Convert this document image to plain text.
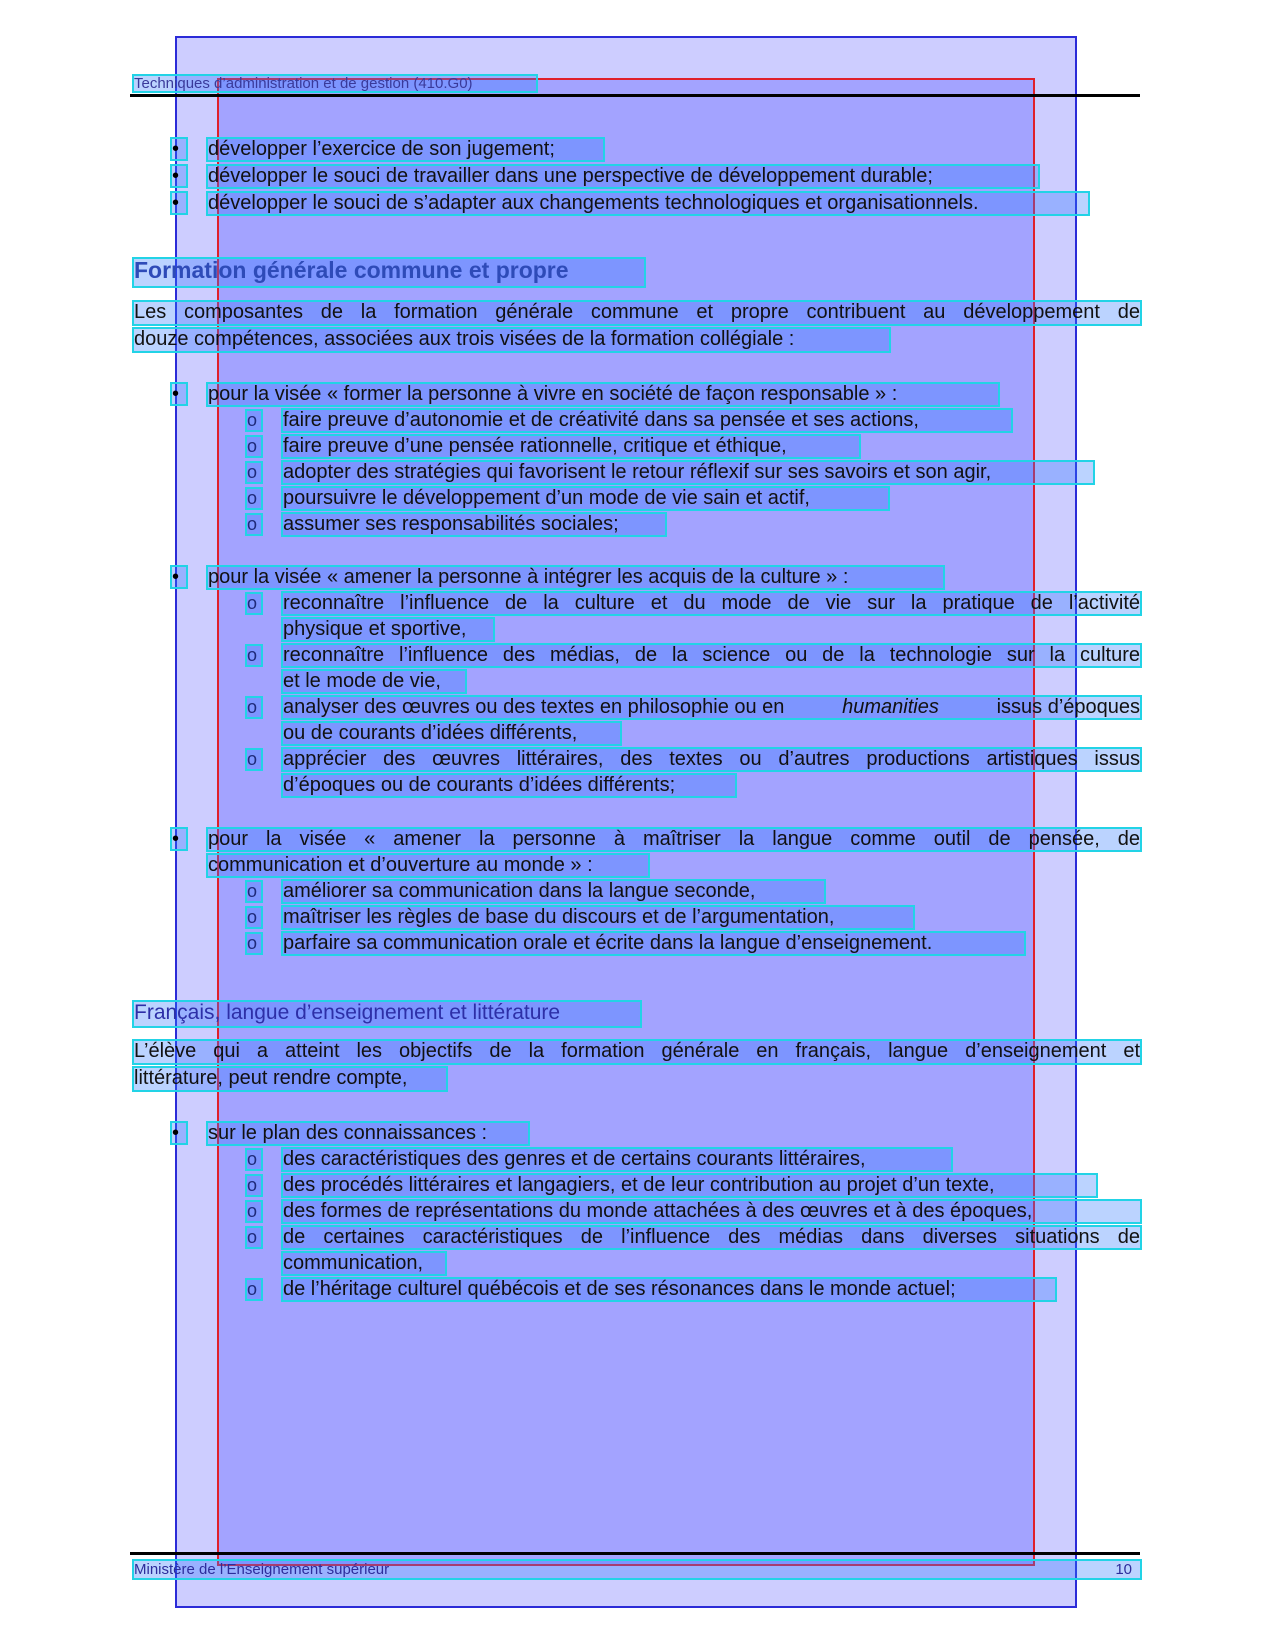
Techniques d’administration et de gestion (410.G0)
•	développer l’exercice de son jugement;
•	développer le souci de travailler dans une perspective de développement durable;
•	développer le souci de s’adapter aux changements technologiques et organisationnels.
Formation générale commune et propre
Les composantes de la formation générale commune et propre contribuent au développement de
douze compétences, associées aux trois visées de la formation collégiale :
•	pour la visée « former la personne à vivre en société de façon responsable » :
o faire preuve d’autonomie et de créativité dans sa pensée et ses actions,
o faire preuve d’une pensée rationnelle, critique et éthique,
o adopter des stratégies qui favorisent le retour réflexif sur ses savoirs et son agir,
o poursuivre le développement d’un mode de vie sain et actif,
o assumer ses responsabilités sociales;
•	pour la visée « amener la personne à intégrer les acquis de la culture » :
o reconnaître l’influence de la culture et du mode de vie sur la pratique de l’activité
physique et sportive,
o reconnaître l’influence des médias, de la science ou de la technologie sur la culture
et le mode de vie,
o analyser des œuvres ou des textes en philosophie ou en	humanities	issus d’époques
ou de courants d’idées différents,
o apprécier des œuvres littéraires, des textes ou d’autres productions artistiques issus
d’époques ou de courants d’idées différents;
•	pour la visée « amener la personne à maîtriser la langue comme outil de pensée, de
communication et d’ouverture au monde » :
o améliorer sa communication dans la langue seconde,
o maîtriser les règles de base du discours et de l’argumentation,
o parfaire sa communication orale et écrite dans la langue d’enseignement.
Français, langue d’enseignement et littérature
L’élève qui a atteint les objectifs de la formation générale en français, langue d’enseignement et
littérature, peut rendre compte,
•	sur le plan des connaissances :
o des caractéristiques des genres et de certains courants littéraires,
o des procédés littéraires et langagiers, et de leur contribution au projet d’un texte,
o des formes de représentations du monde attachées à des œuvres et à des époques,
o de certaines caractéristiques de l’influence des médias dans diverses situations de
communication,
o de l’héritage culturel québécois et de ses résonances dans le monde actuel;
Ministère de l’Enseignement supérieur	10
